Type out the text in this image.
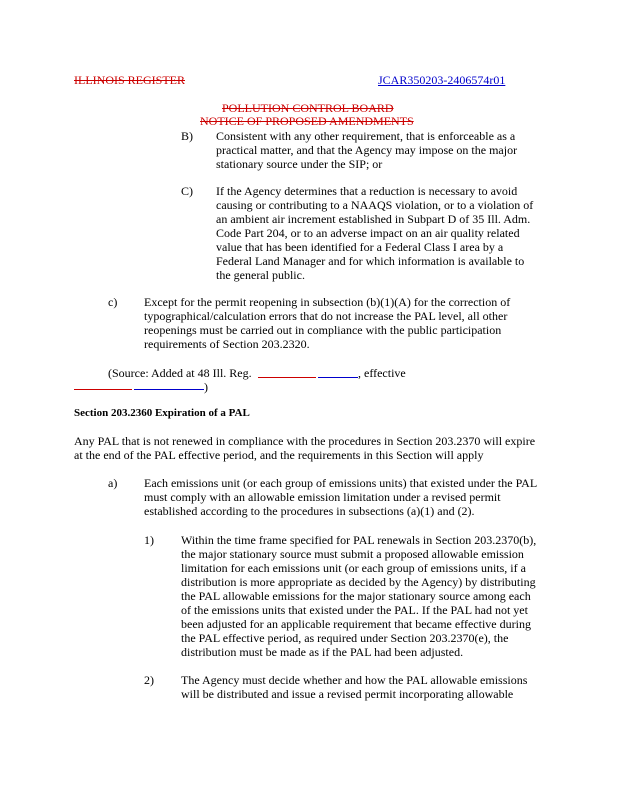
ILLINOIS REGISTER	JCAR350203-2406574r01
POLLUTION CONTROL BOARD
NOTICE OF PROPOSED AMENDMENTS
B) Consistent with any other requirement, that is enforceable as a
practical matter, and that the Agency may impose on the major
stationary source under the SIP; or
C) If the Agency determines that a reduction is necessary to avoid
causing or contributing to a NAAQS violation, or to a violation of
an ambient air increment established in Subpart D of 35 Ill. Adm.
Code Part 204, or to an adverse impact on an air quality related
value that has been identified for a Federal Class I area by a
Federal Land Manager and for which information is available to
the general public.
c) Except for the permit reopening in subsection (b)(1)(A) for the correction of
typographical/calculation errors that do not increase the PAL level, all other
reopenings must be carried out in compliance with the public participation
requirements of Section 203.2320.
(Source: Added at 48 Ill. Reg.	, effective
)
Section 203.2360 Expiration of a PAL
Any PAL that is not renewed in compliance with the procedures in Section 203.2370 will expire
at the end of the PAL effective period, and the requirements in this Section will apply
a) Each emissions unit (or each group of emissions units) that existed under the PAL
must comply with an allowable emission limitation under a revised permit
established according to the procedures in subsections (a)(1) and (2).
1) Within the time frame specified for PAL renewals in Section 203.2370(b),
the major stationary source must submit a proposed allowable emission
limitation for each emissions unit (or each group of emissions units, if a
distribution is more appropriate as decided by the Agency) by distributing
the PAL allowable emissions for the major stationary source among each
of the emissions units that existed under the PAL. If the PAL had not yet
been adjusted for an applicable requirement that became effective during
the PAL effective period, as required under Section 203.2370(e), the
distribution must be made as if the PAL had been adjusted.
2) The Agency must decide whether and how the PAL allowable emissions
will be distributed and issue a revised permit incorporating allowable
